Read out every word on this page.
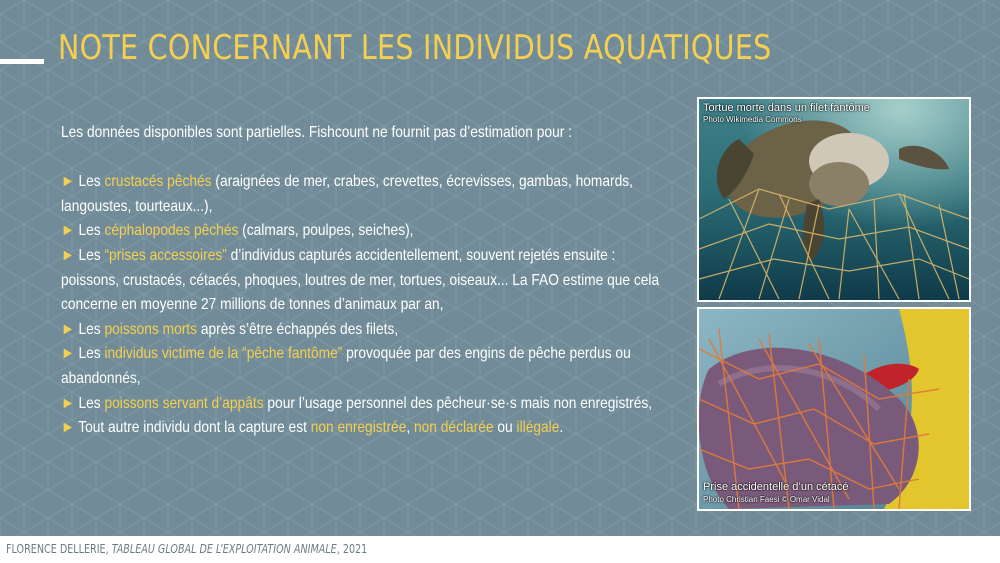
NOTE CONCERNANT LES INDIVIDUS AQUATIQUES

Les données disponibles sont partielles. Fishcount ne fournit pas d’estimation pour :

► Les crustacés pêchés (araignées de mer, crabes, crevettes, écrevisses, gambas, homards, langoustes, tourteaux...),

► Les céphalopodes pêchés (calmars, poulpes, seiches),

► Les “prises accessoires” d’individus capturés accidentellement, souvent rejetés ensuite : poissons, crustacés, cétacés, phoques, loutres de mer, tortues, oiseaux... La FAO estime que cela concerne en moyenne 27 millions de tonnes d’animaux par an,

► Les poissons morts après s’être échappés des filets,

► Les individus victime de la “pêche fantôme” provoquée par des engins de pêche perdus ou abandonnés,

► Les poissons servant d’appâts pour l’usage personnel des pêcheur·se·s mais non enregistrés,

► Tout autre individu dont la capture est non enregistrée, non déclarée ou illégale.

Tortue morte dans un filet fantôme
Photo Wikimedia Commons
Prise accidentelle d’un cétacé
Photo Christian Faesi © Omar Vidal
FLORENCE DELLERIE, TABLEAU GLOBAL DE L’EXPLOITATION ANIMALE, 2021
